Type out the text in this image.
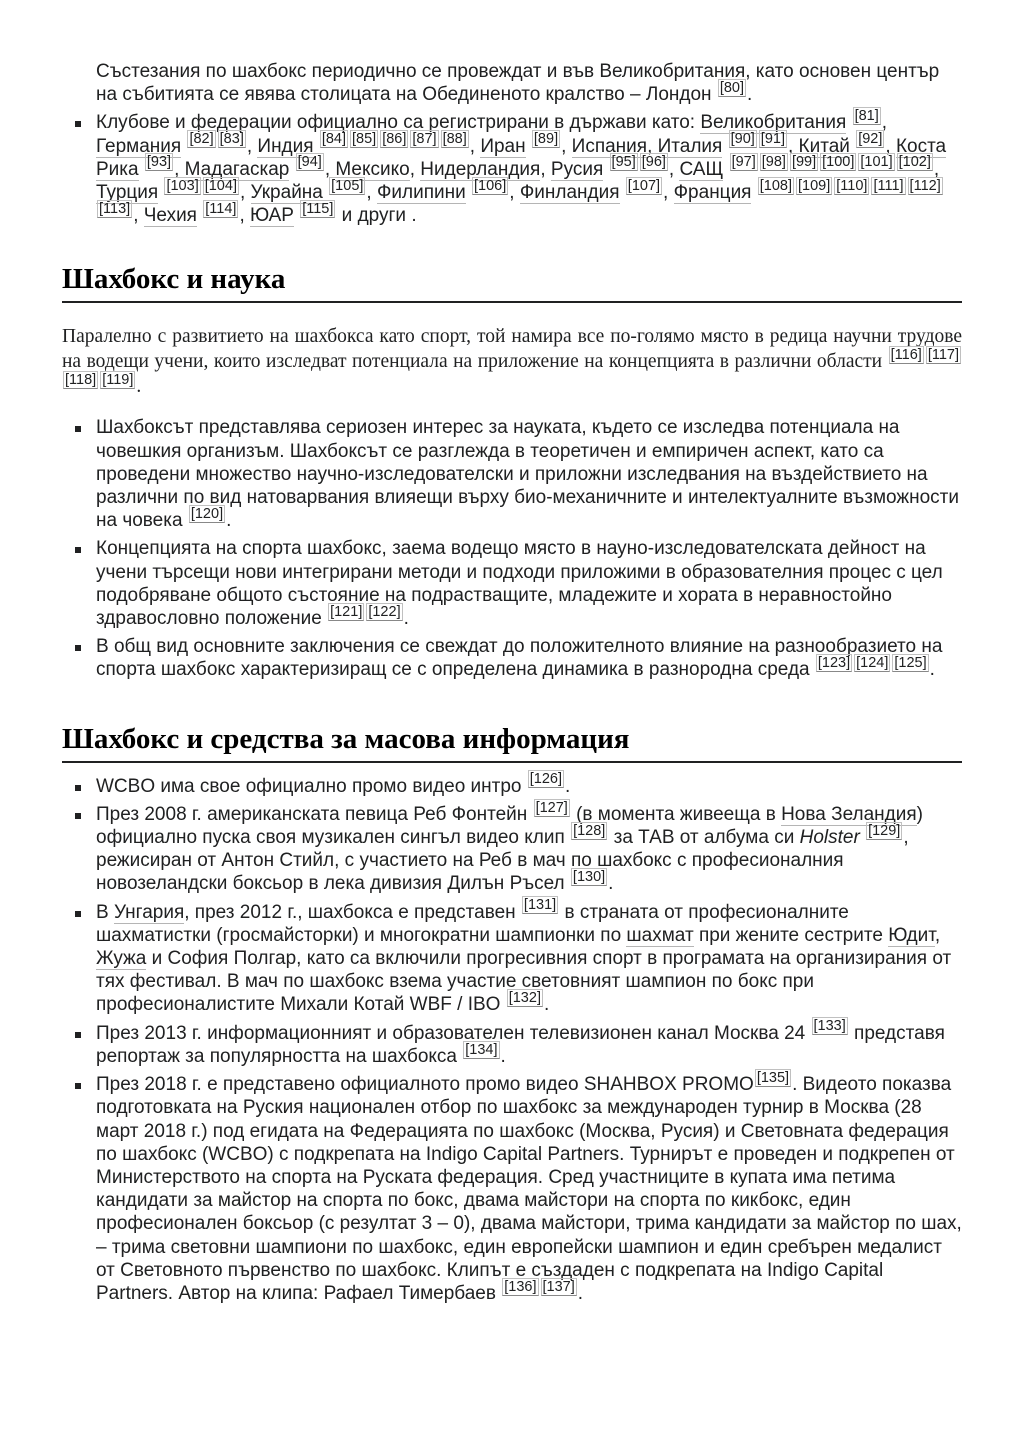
Състезания по шахбокс периодично се провеждат и във Великобритания, като основен център на събитията се явява столицата на Обединеното кралство – Лондон [80] .
Клубове и федерации официално са регистрирани в държави като: Великобритания [81] , Германия [82] [83] , Индия [84] [85] [86] [87] [88] , Иран [89] , Испания, Италия [90] [91] , Китай [92] , Коста Рика [93] , Мадагаскар [94] , Мексико, Нидерландия, Русия [95] [96] , САЩ [97] [98] [99] [100] [101] [102] , Турция [103] [104] , Украйна [105] , Филипини [106] , Финландия [107] , Франция [108] [109] [110] [111] [112][113] , Чехия [114] , ЮАР [115] и други .
Шахбокс и наука

Паралелно с развитието на шахбокса като спорт, той намира все по-голямо място в редица научни трудове на водещи учени, които изследват потенциала на приложение на концепцията в различни области [116] [117][118] [119] .

Шахбоксът представлява сериозен интерес за науката, където се изследва потенциала на човешкия организъм. Шахбоксът се разглежда в теоретичен и емпиричен аспект, като са проведени множество научно-изследователски и приложни изследвания на въздействието на различни по вид натоварвания влияещи върху био-механичните и интелектуалните възможности на човека [120] .
Концепцията на спорта шахбокс, заема водещо място в науно-изследователската дейност на учени търсещи нови интегрирани методи и подходи приложими в образователния процес с цел подобряване общото състояние на подрастващите, младежите и хората в неравностойно здравословно положение [121] [122] .
В общ вид основните заключения се свеждат до положителното влияние на разнообразието на спорта шахбокс характеризиращ се с определена динамика в разнородна среда [123] [124] [125] .
Шахбокс и средства за масова информация
WCBO има свое официално промо видео интро [126] .
През 2008 г. американската певица Реб Фонтейн [127] (в момента живееща в Нова Зеландия) официално пуска своя музикален сингъл видео клип [128] за ТАВ от албума си Holster [129] , режисиран от Антон Стийл, с участието на Реб в мач по шахбокс с професионалния новозеландски боксьор в лека дивизия Дилън Ръсел [130] .
В Унгария, през 2012 г., шахбокса е представен [131] в страната от професионалните шахматистки (гросмайсторки) и многократни шампионки по шахмат при жените сестрите Юдит, Жужа и София Полгар, като са включили прогресивния спорт в програмата на организирания от тях фестивал. В мач по шахбокс взема участие световният шампион по бокс при професионалистите Михали Котай WBF / IBO [132] .
През 2013 г. информационният и образователен телевизионен канал Москва 24 [133] представя репортаж за популярността на шахбокса [134] .
През 2018 г. е представено официалното промо видео SHAHBOX PROMO [135] . Видеото показва подготовката на Руския национален отбор по шахбокс за международен турнир в Москва (28 март 2018 г.) под егидата на Федерацията по шахбокс (Москва, Русия) и Световната федерация по шахбокс (WCBO) с подкрепата на Indigo Capital Partners. Турнирът е проведен и подкрепен от Министерството на спорта на Руската федерация. Сред участниците в купата има петима кандидати за майстор на спорта по бокс, двама майстори на спорта по кикбокс, един професионален боксьор (с резултат 3 – 0), двама майстори, трима кандидати за майстор по шах, – трима световни шампиони по шахбокс, един европейски шампион и един сребърен медалист от Световното първенство по шахбокс. Клипът е създаден с подкрепата на Indigo Capital Partners. Автор на клипа: Рафаел Тимербаев [136] [137] .
